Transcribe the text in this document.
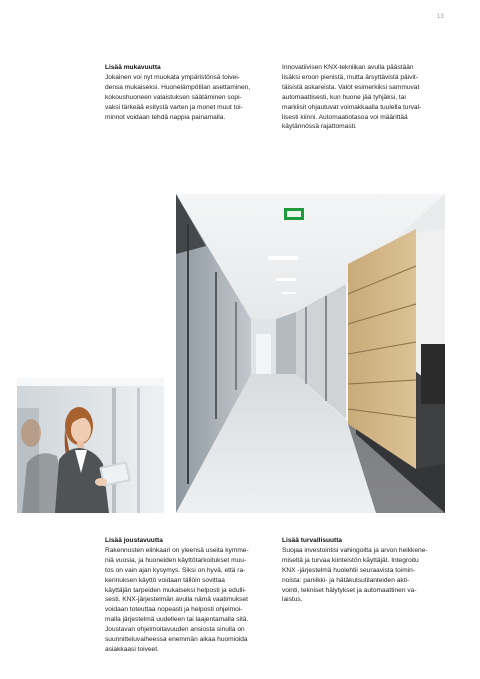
13
Lisää mukavuutta

Jokainen voi nyt muokata ympäristönsä toivei-
densa mukaiseksi. Huonelämpötilan asettaminen,
kokoushuoneen valaistuksen säätäminen sopi-
vaksi tärkeää esitystä varten ja monet muut toi-
minnot voidaan tehdä nappia painamalla.

Innovatiivisen KNX-tekniikan avulla päästään
lisäksi eroon pienistä, mutta ärsyttävistä päivit-
täisistä askareista. Valot esimerkiksi sammuvat
automaattisesti, kun huone jää tyhjäksi, tai
markiisit ohjautuvat voimakkaalla tuulella turval-
lisesti kiinni. Automaatiotasoa voi määrittää
käytännössä rajattomasti.

Lisää joustavuutta

Rakennusten elinkaari on yleensä useita kymme-
niä vuosia, ja huoneiden käyttötarkoitukset muu-
tos on vain ajan kysymys. Siksi on hyvä, että ra-
kennuksen käyttö voidaan tällöin sovittaa
käyttäjän tarpeiden mukaiseksi helposti ja edulli-
sesti. KNX-järjestelmän avulla nämä vaatimukset
voidaan toteuttaa nopeasti ja helposti ohjelmoi-
malla järjestelmä uudelleen tai laajentamalla sitä.
Joustavan ohjelmoitavuuden ansiosta sinulla on
suunnitteluvaiheessa enemmän aikaa huomioida
asiakkaasi toiveet.

Lisää turvallisuutta

Suojaa investointisi vahingoilta ja arvon heikkene-
miseltä ja turvaa kiinteistön käyttäjät. Integroitu
KNX -järjestelmä huolehtii seuraavista toimin-
noista: paniikki- ja hätäkutsutilanteiden akti-
vointi, tekniset hälytykset ja automaattinen va-
laistus.
